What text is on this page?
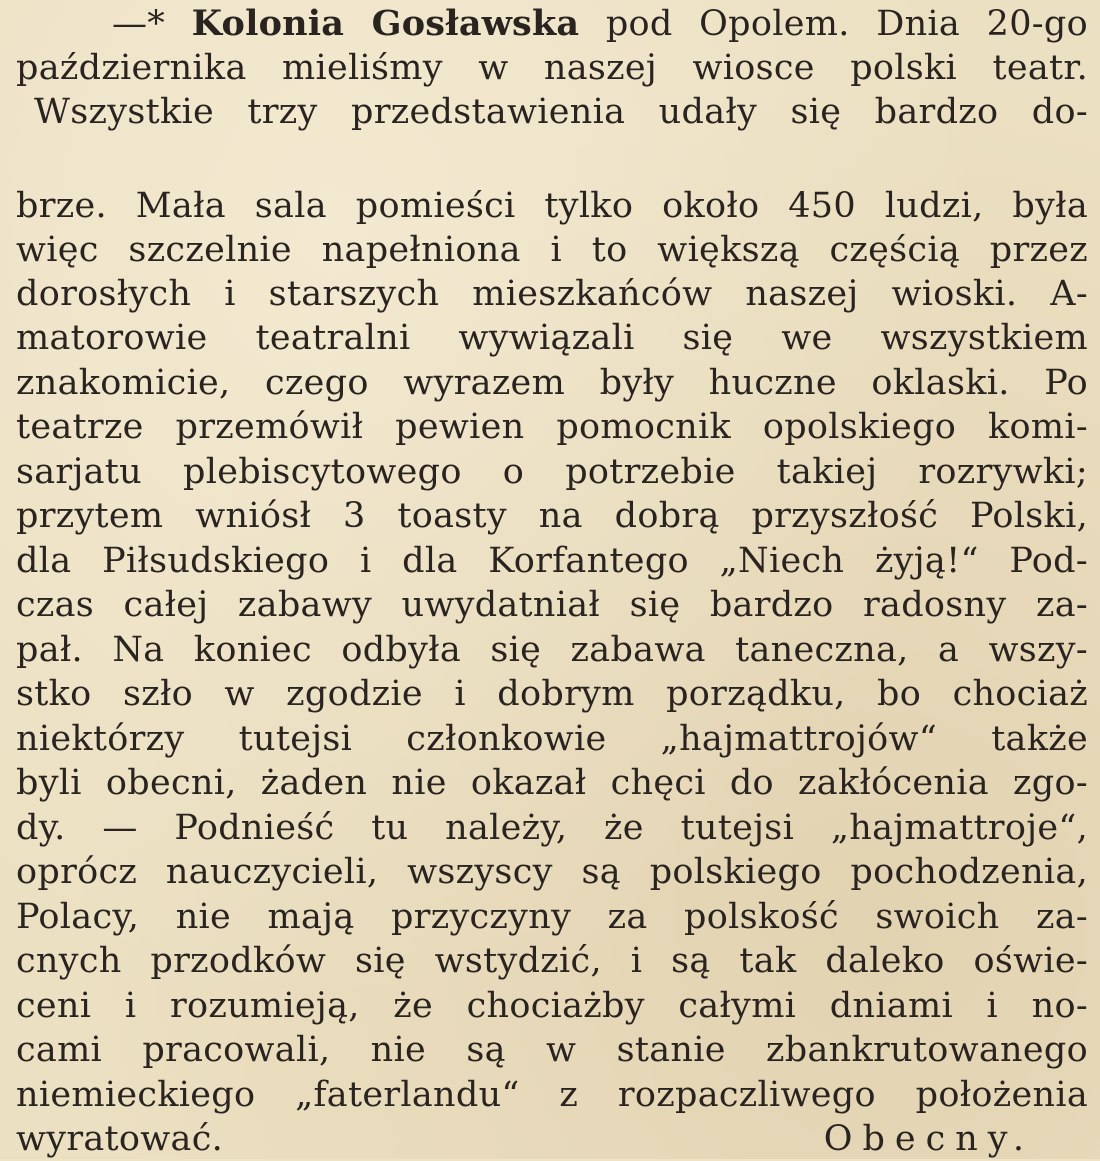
—* Kolonia Gosławska pod Opolem. Dnia 20-go
października mieliśmy w naszej wiosce polski teatr.
Wszystkie trzy przedstawienia udały się bardzo do-
brze. Mała sala pomieści tylko około 450 ludzi, była
więc szczelnie napełniona i to większą częścią przez
dorosłych i starszych mieszkańców naszej wioski. A-
matorowie teatralni wywiązali się we wszystkiem
znakomicie, czego wyrazem były huczne oklaski. Po
teatrze przemówił pewien pomocnik opolskiego komi-
sarjatu plebiscytowego o potrzebie takiej rozrywki;
przytem wniósł 3 toasty na dobrą przyszłość Polski,
dla Piłsudskiego i dla Korfantego „Niech żyją!“ Pod-
czas całej zabawy uwydatniał się bardzo radosny za-
pał. Na koniec odbyła się zabawa taneczna, a wszy-
stko szło w zgodzie i dobrym porządku, bo chociaż
niektórzy tutejsi członkowie „hajmattrojów“ także
byli obecni, żaden nie okazał chęci do zakłócenia zgo-
dy. — Podnieść tu należy, że tutejsi „hajmattroje“,
oprócz nauczycieli, wszyscy są polskiego pochodzenia,
Polacy, nie mają przyczyny za polskość swoich za-
cnych przodków się wstydzić, i są tak daleko oświe-
ceni i rozumieją, że chociażby całymi dniami i no-
cami pracowali, nie są w stanie zbankrutowanego
niemieckiego „faterlandu“ z rozpaczliwego położenia
wyratować.	Obecny.
